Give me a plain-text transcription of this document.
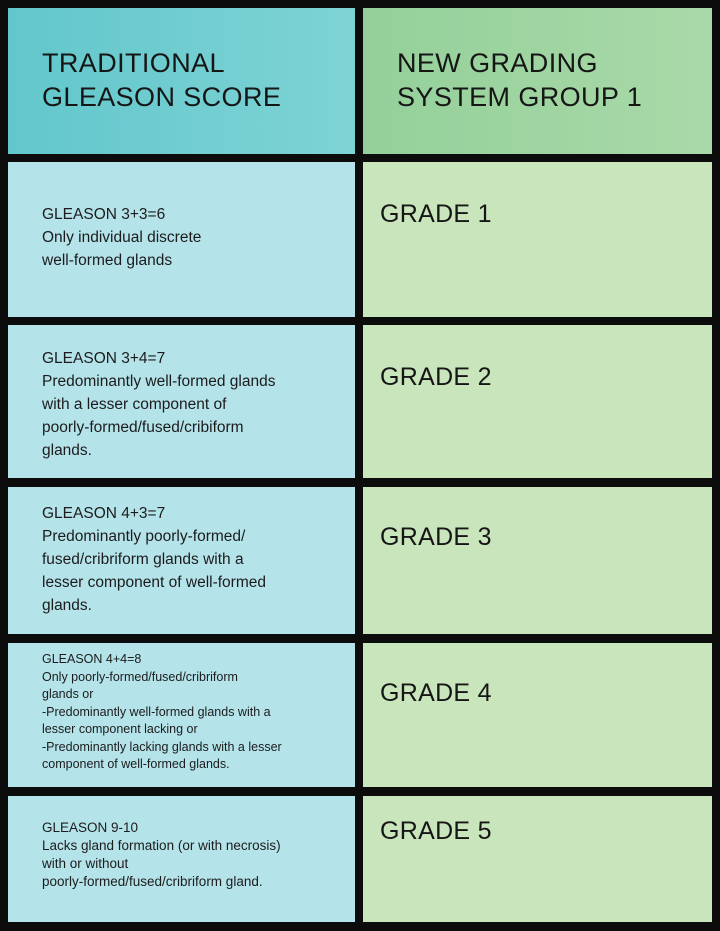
TRADITIONAL
GLEASON SCORE
NEW GRADING
SYSTEM GROUP 1
GLEASON 3+3=6
Only individual discrete
well-formed glands
GRADE 1
GLEASON 3+4=7
Predominantly well-formed glands
with a lesser component of
poorly-formed/fused/cribiform
glands.
GRADE 2
GLEASON 4+3=7
Predominantly poorly-formed/
fused/cribriform glands with a
lesser component of well-formed
glands.
GRADE 3
GLEASON 4+4=8
Only poorly-formed/fused/cribriform
glands or
-Predominantly well-formed glands with a
lesser component lacking or
-Predominantly lacking glands with a lesser
component of well-formed glands.
GRADE 4
GLEASON 9-10
Lacks gland formation (or with necrosis)
with or without
poorly-formed/fused/cribriform gland.
GRADE 5
